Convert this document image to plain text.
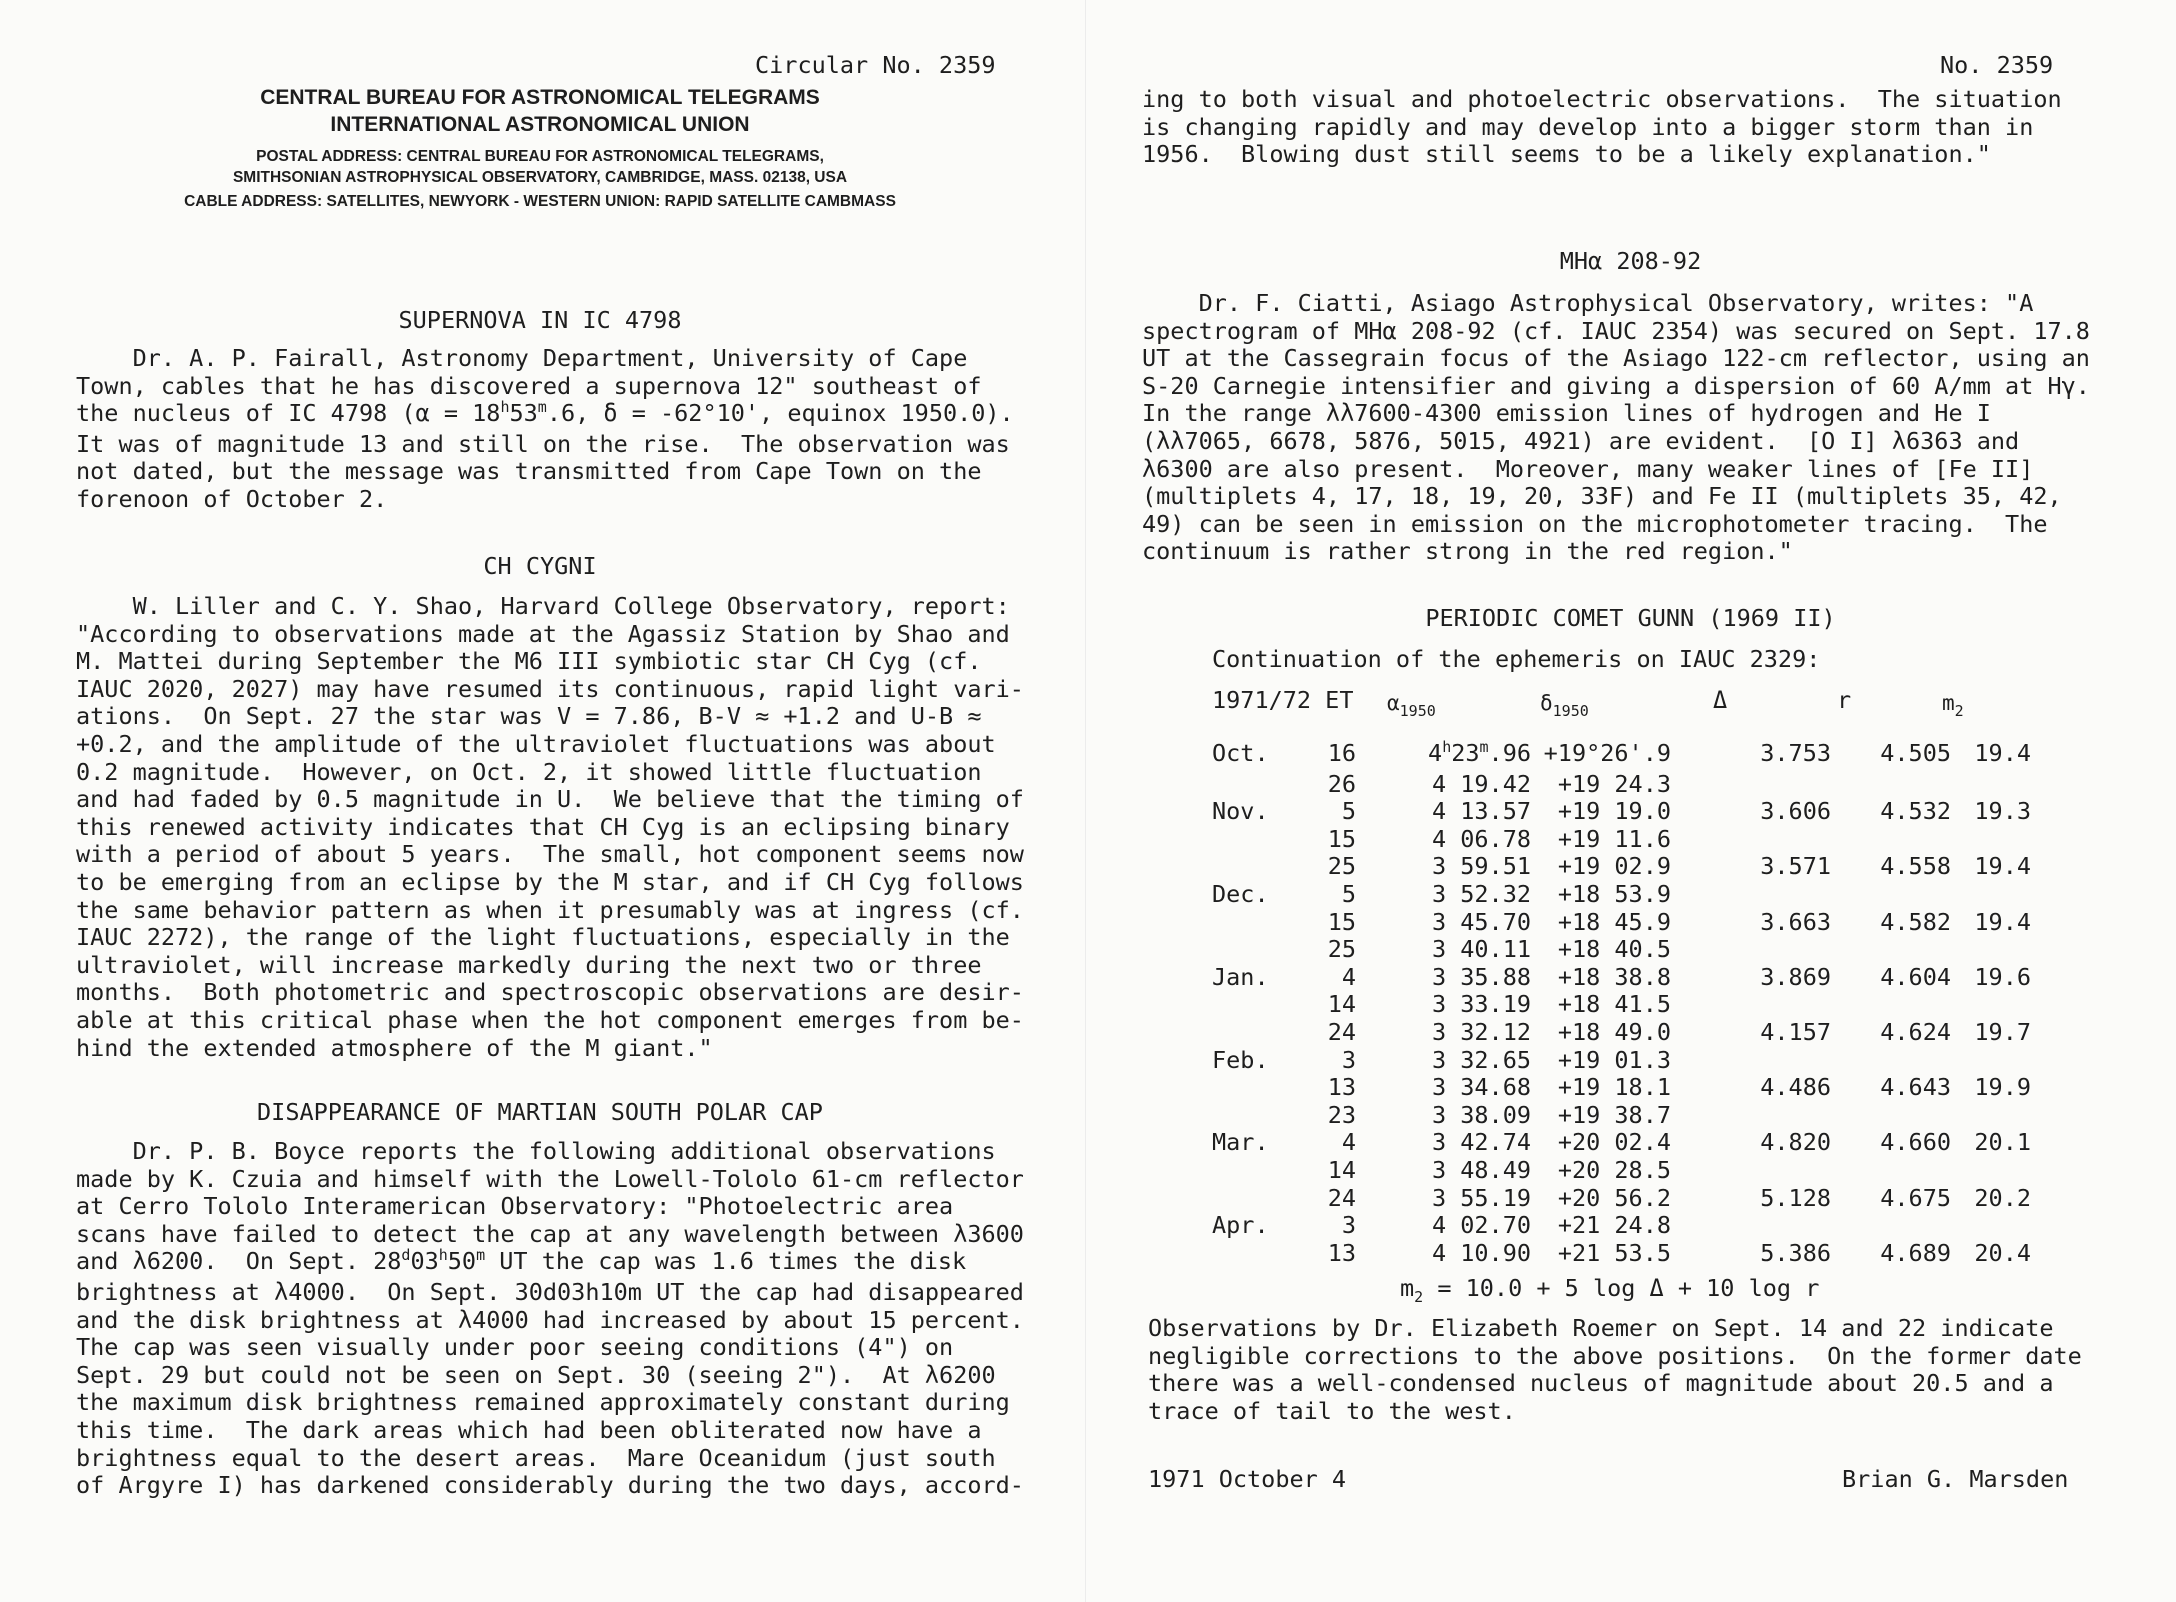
Circular No. 2359
CENTRAL BUREAU FOR ASTRONOMICAL TELEGRAMS
INTERNATIONAL ASTRONOMICAL UNION
POSTAL ADDRESS: CENTRAL BUREAU FOR ASTRONOMICAL TELEGRAMS,
SMITHSONIAN ASTROPHYSICAL OBSERVATORY, CAMBRIDGE, MASS. 02138, USA
CABLE ADDRESS: SATELLITES, NEWYORK - WESTERN UNION: RAPID SATELLITE CAMBMASS
SUPERNOVA IN IC 4798
Dr. A. P. Fairall, Astronomy Department, University of Cape
Town, cables that he has discovered a supernova 12" southeast of
the nucleus of IC 4798 ($\alpha = 18^h53^m.6$, δ = -62°10', equinox 1950.0).
It was of magnitude 13 and still on the rise.  The observation was
not dated, but the message was transmitted from Cape Town on the
forenoon of October 2.
CH CYGNI
W. Liller and C. Y. Shao, Harvard College Observatory, report:
"According to observations made at the Agassiz Station by Shao and
M. Mattei during September the M6 III symbiotic star CH Cyg (cf.
IAUC 2020, 2027) may have resumed its continuous, rapid light vari-
ations.  On Sept. 27 the star was V = 7.86, B-V ≈ +1.2 and U-B ≈
+0.2, and the amplitude of the ultraviolet fluctuations was about
0.2 magnitude.  However, on Oct. 2, it showed little fluctuation
and had faded by 0.5 magnitude in U.  We believe that the timing of
this renewed activity indicates that CH Cyg is an eclipsing binary
with a period of about 5 years.  The small, hot component seems now
to be emerging from an eclipse by the M star, and if CH Cyg follows
the same behavior pattern as when it presumably was at ingress (cf.
IAUC 2272), the range of the light fluctuations, especially in the
ultraviolet, will increase markedly during the next two or three
months.  Both photometric and spectroscopic observations are desir-
able at this critical phase when the hot component emerges from be-
hind the extended atmosphere of the M giant."
DISAPPEARANCE OF MARTIAN SOUTH POLAR CAP
Dr. P. B. Boyce reports the following additional observations
made by K. Czuia and himself with the Lowell-Tololo 61-cm reflector
at Cerro Tololo Interamerican Observatory: "Photoelectric area
scans have failed to detect the cap at any wavelength between λ3600
and λ6200.  On Sept. 28$^d$03$^h$50$^m$ UT the cap was 1.6 times the disk
brightness at λ4000.  On Sept. 30d03h10m UT the cap had disappeared
and the disk brightness at λ4000 had increased by about 15 percent.
The cap was seen visually under poor seeing conditions (4") on
Sept. 29 but could not be seen on Sept. 30 (seeing 2").  At λ6200
the maximum disk brightness remained approximately constant during
this time.  The dark areas which had been obliterated now have a
brightness equal to the desert areas.  Mare Oceanidum (just south
of Argyre I) has darkened considerably during the two days, accord-
No. 2359
ing to both visual and photoelectric observations.  The situation
is changing rapidly and may develop into a bigger storm than in
1956.  Blowing dust still seems to be a likely explanation."
MHα 208-92
Dr. F. Ciatti, Asiago Astrophysical Observatory, writes: "A
spectrogram of MHα 208-92 (cf. IAUC 2354) was secured on Sept. 17.8
UT at the Cassegrain focus of the Asiago 122-cm reflector, using an
S-20 Carnegie intensifier and giving a dispersion of 60 A/mm at Hγ.
In the range λλ7600-4300 emission lines of hydrogen and He I
(λλ7065, 6678, 5876, 5015, 4921) are evident.  [O I] λ6363 and
λ6300 are also present.  Moreover, many weaker lines of [Fe II]
(multiplets 4, 17, 18, 19, 20, 33F) and Fe II (multiplets 35, 42,
49) can be seen in emission on the microphotometer tracing.  The
continuum is rather strong in the red region."
PERIODIC COMET GUNN (1969 II)
Continuation of the ephemeris on IAUC 2329:
1971/72 ET $\alpha_{1950}$	$\delta_{1950}$	Δ	r	$m_2$
Oct.	16	$4^h23^m.96$	+19°26'.9	3.753	4.505	19.4
	26	4 19.42	+19 24.3			
Nov.	5	4 13.57	+19 19.0	3.606	4.532	19.3
	15	4 06.78	+19 11.6			
	25	3 59.51	+19 02.9	3.571	4.558	19.4
Dec.	5	3 52.32	+18 53.9			
	15	3 45.70	+18 45.9	3.663	4.582	19.4
	25	3 40.11	+18 40.5			
Jan.	4	3 35.88	+18 38.8	3.869	4.604	19.6
	14	3 33.19	+18 41.5			
	24	3 32.12	+18 49.0	4.157	4.624	19.7
Feb.	3	3 32.65	+19 01.3			
	13	3 34.68	+19 18.1	4.486	4.643	19.9
	23	3 38.09	+19 38.7			
Mar.	4	3 42.74	+20 02.4	4.820	4.660	20.1
	14	3 48.49	+20 28.5			
	24	3 55.19	+20 56.2	5.128	4.675	20.2
Apr.	3	4 02.70	+21 24.8			
	13	4 10.90	+21 53.5	5.386	4.689	20.4
$m_2 = 10.0 + 5$ log Δ + 10 log r
Observations by Dr. Elizabeth Roemer on Sept. 14 and 22 indicate
negligible corrections to the above positions.  On the former date
there was a well-condensed nucleus of magnitude about 20.5 and a
trace of tail to the west.
1971 October 4	Brian G. Marsden
